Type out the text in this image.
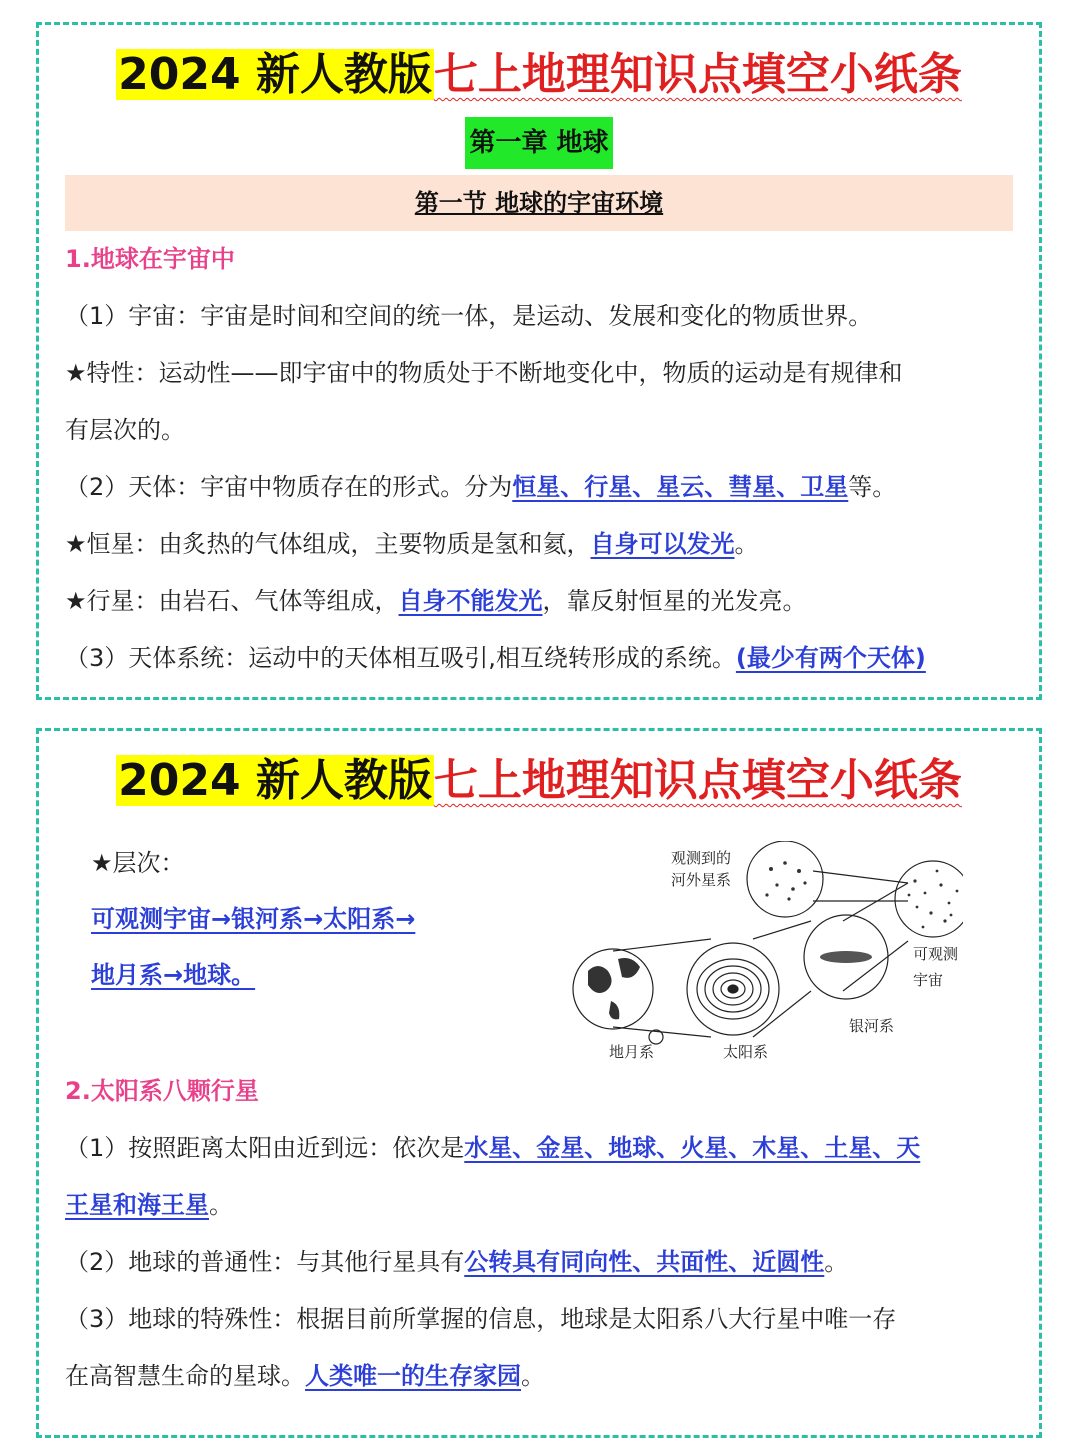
2024 新人教版七上地理知识点填空小纸条
第一章 地球
第一节 地球的宇宙环境
1.地球在宇宙中
（1）宇宙：宇宙是时间和空间的统一体，是运动、发展和变化的物质世界。
★特性：运动性——即宇宙中的物质处于不断地变化中，物质的运动是有规律和
有层次的。
（2）天体：宇宙中物质存在的形式。分为恒星、行星、星云、彗星、卫星等。
★恒星：由炙热的气体组成，主要物质是氢和氦，自身可以发光。
★行星：由岩石、气体等组成，自身不能发光，靠反射恒星的光发亮。
（3）天体系统：运动中的天体相互吸引,相互绕转形成的系统。(最少有两个天体)
2024 新人教版七上地理知识点填空小纸条
★层次：
可观测宇宙→银河系→太阳系→
地月系→地球。
观测到的
河外星系
可观测
宇宙
银河系
太阳系
地月系
2.太阳系八颗行星
（1）按照距离太阳由近到远：依次是水星、金星、地球、火星、木星、土星、天
王星和海王星。
（2）地球的普通性：与其他行星具有公转具有同向性、共面性、近圆性。
（3）地球的特殊性：根据目前所掌握的信息，地球是太阳系八大行星中唯一存
在高智慧生命的星球。人类唯一的生存家园。
